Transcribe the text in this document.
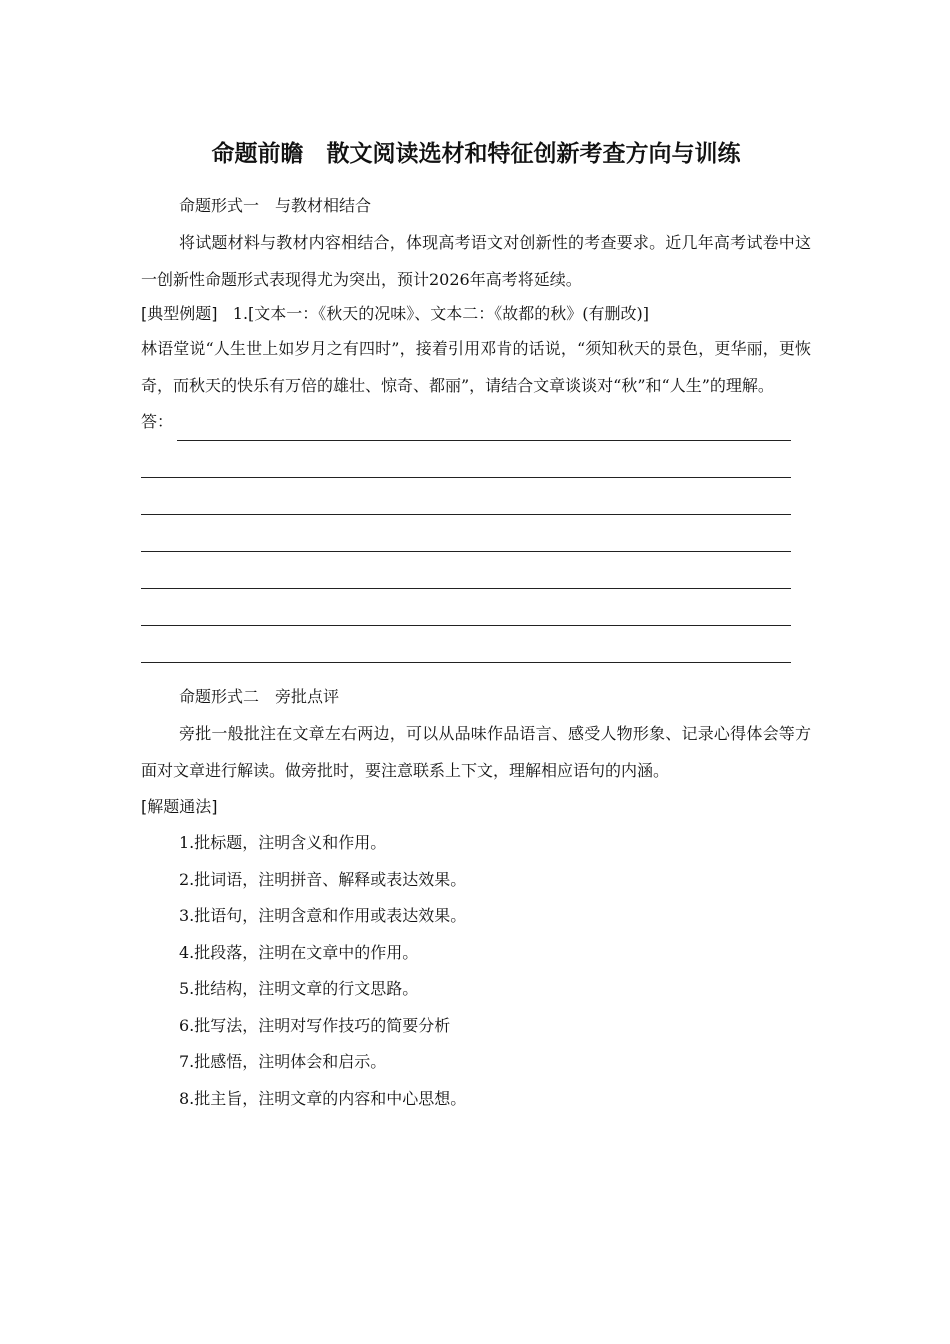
命题前瞻　散文阅读选材和特征创新考查方向与训练
命题形式一　与教材相结合

将试题材料与教材内容相结合，体现高考语文对创新性的考查要求。近几年高考试卷中这一创新性命题形式表现得尤为突出，预计2026年高考将延续。

[典型例题] 1.[文本一：《秋天的况味》、文本二：《故都的秋》(有删改)]

林语堂说“人生世上如岁月之有四时”，接着引用邓肯的话说，“须知秋天的景色，更华丽，更恢奇，而秋天的快乐有万倍的雄壮、惊奇、都丽”，请结合文章谈谈对“秋”和“人生”的理解。

答：
命题形式二　旁批点评

旁批一般批注在文章左右两边，可以从品味作品语言、感受人物形象、记录心得体会等方面对文章进行解读。做旁批时，要注意联系上下文，理解相应语句的内涵。

[解题通法]
1.批标题，注明含义和作用。
2.批词语，注明拼音、解释或表达效果。
3.批语句，注明含意和作用或表达效果。
4.批段落，注明在文章中的作用。
5.批结构，注明文章的行文思路。
6.批写法，注明对写作技巧的简要分析
7.批感悟，注明体会和启示。
8.批主旨，注明文章的内容和中心思想。
